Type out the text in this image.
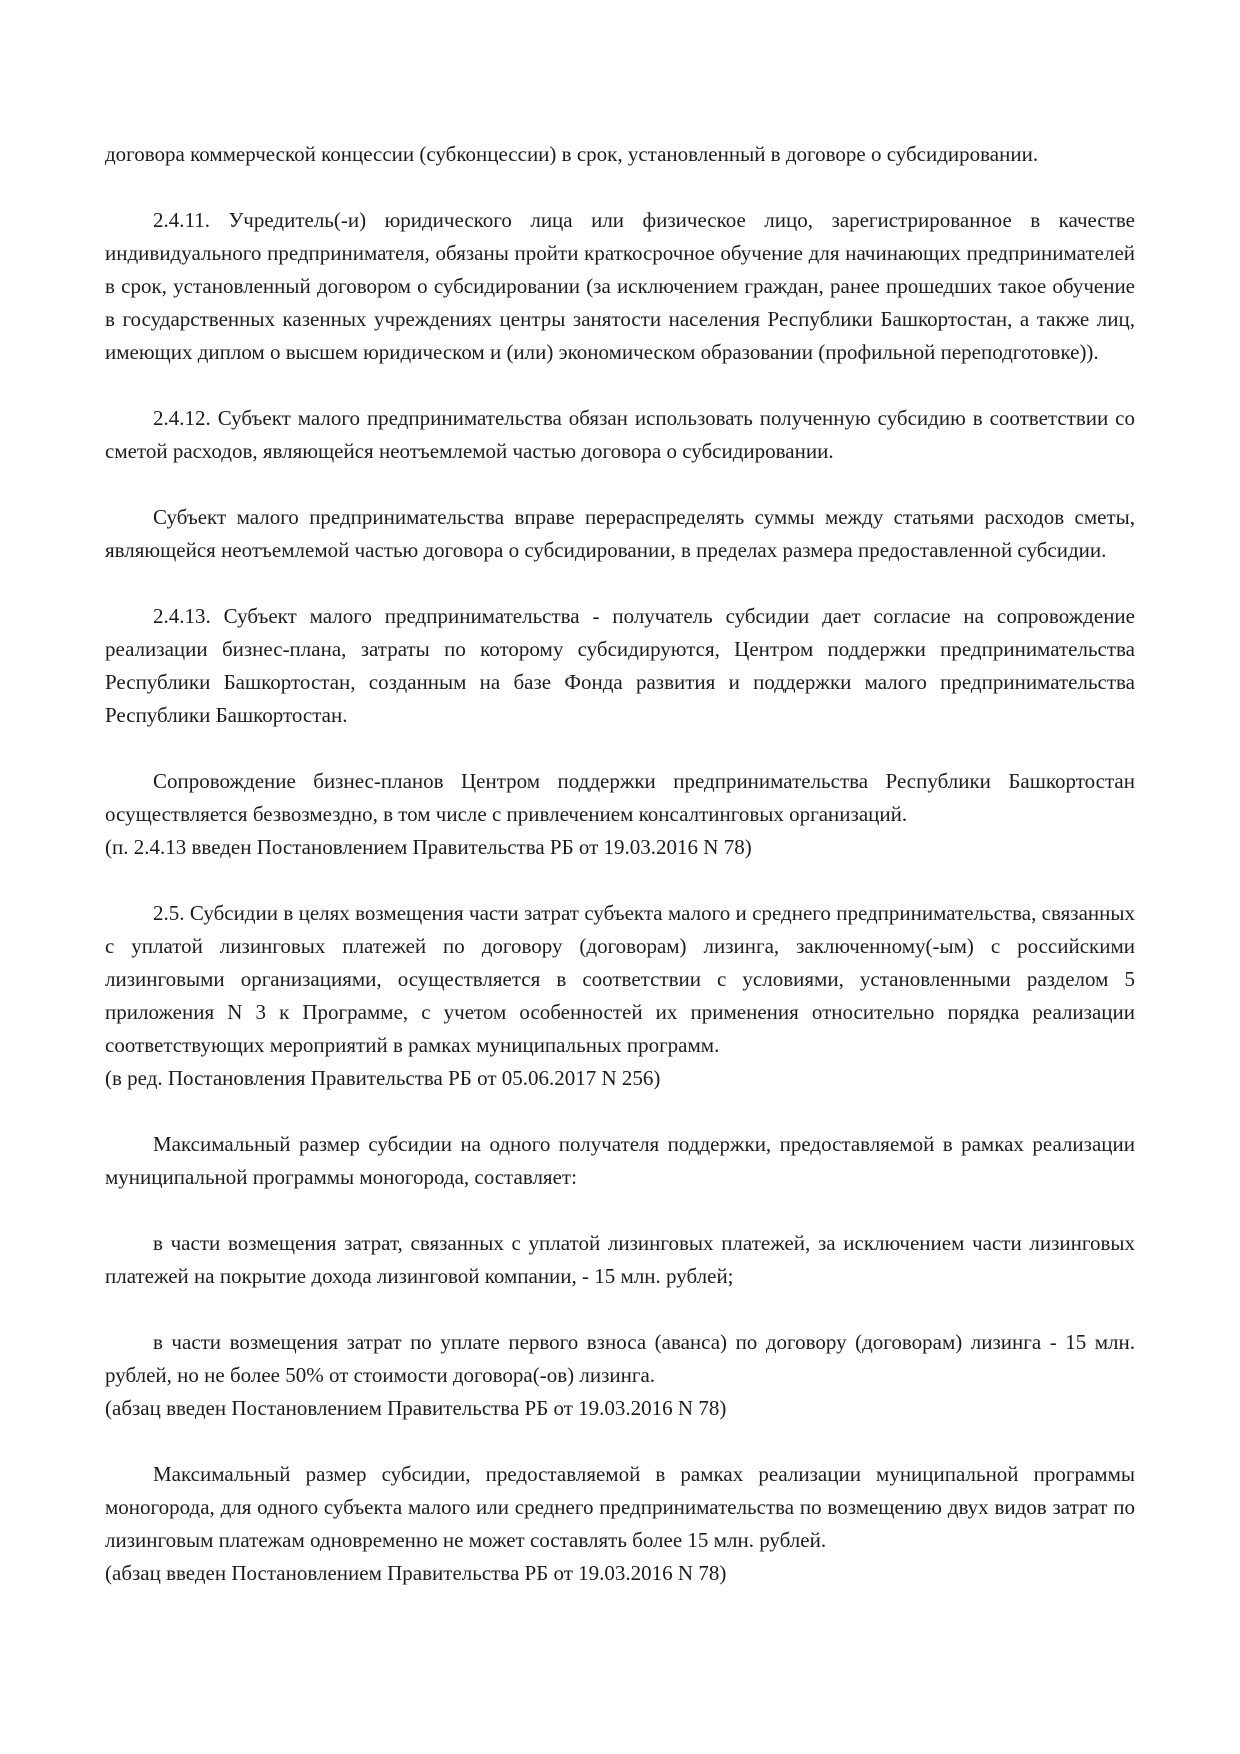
договора коммерческой концессии (субконцессии) в срок, установленный в договоре о субсидировании.

2.4.11. Учредитель(-и) юридического лица или физическое лицо, зарегистрированное в качестве индивидуального предпринимателя, обязаны пройти краткосрочное обучение для начинающих предпринимателей в срок, установленный договором о субсидировании (за исключением граждан, ранее прошедших такое обучение в государственных казенных учреждениях центры занятости населения Республики Башкортостан, а также лиц, имеющих диплом о высшем юридическом и (или) экономическом образовании (профильной переподготовке)).

2.4.12. Субъект малого предпринимательства обязан использовать полученную субсидию в соответствии со сметой расходов, являющейся неотъемлемой частью договора о субсидировании.

Субъект малого предпринимательства вправе перераспределять суммы между статьями расходов сметы, являющейся неотъемлемой частью договора о субсидировании, в пределах размера предоставленной субсидии.

2.4.13. Субъект малого предпринимательства - получатель субсидии дает согласие на сопровождение реализации бизнес-плана, затраты по которому субсидируются, Центром поддержки предпринимательства Республики Башкортостан, созданным на базе Фонда развития и поддержки малого предпринимательства Республики Башкортостан.

Сопровождение бизнес-планов Центром поддержки предпринимательства Республики Башкортостан осуществляется безвозмездно, в том числе с привлечением консалтинговых организаций.

(п. 2.4.13 введен Постановлением Правительства РБ от 19.03.2016 N 78)

2.5. Субсидии в целях возмещения части затрат субъекта малого и среднего предпринимательства, связанных с уплатой лизинговых платежей по договору (договорам) лизинга, заключенному(-ым) с российскими лизинговыми организациями, осуществляется в соответствии с условиями, установленными разделом 5 приложения N 3 к Программе, с учетом особенностей их применения относительно порядка реализации соответствующих мероприятий в рамках муниципальных программ.

(в ред. Постановления Правительства РБ от 05.06.2017 N 256)

Максимальный размер субсидии на одного получателя поддержки, предоставляемой в рамках реализации муниципальной программы моногорода, составляет:

в части возмещения затрат, связанных с уплатой лизинговых платежей, за исключением части лизинговых платежей на покрытие дохода лизинговой компании, - 15 млн. рублей;

в части возмещения затрат по уплате первого взноса (аванса) по договору (договорам) лизинга - 15 млн. рублей, но не более 50% от стоимости договора(-ов) лизинга.

(абзац введен Постановлением Правительства РБ от 19.03.2016 N 78)

Максимальный размер субсидии, предоставляемой в рамках реализации муниципальной программы моногорода, для одного субъекта малого или среднего предпринимательства по возмещению двух видов затрат по лизинговым платежам одновременно не может составлять более 15 млн. рублей.

(абзац введен Постановлением Правительства РБ от 19.03.2016 N 78)
